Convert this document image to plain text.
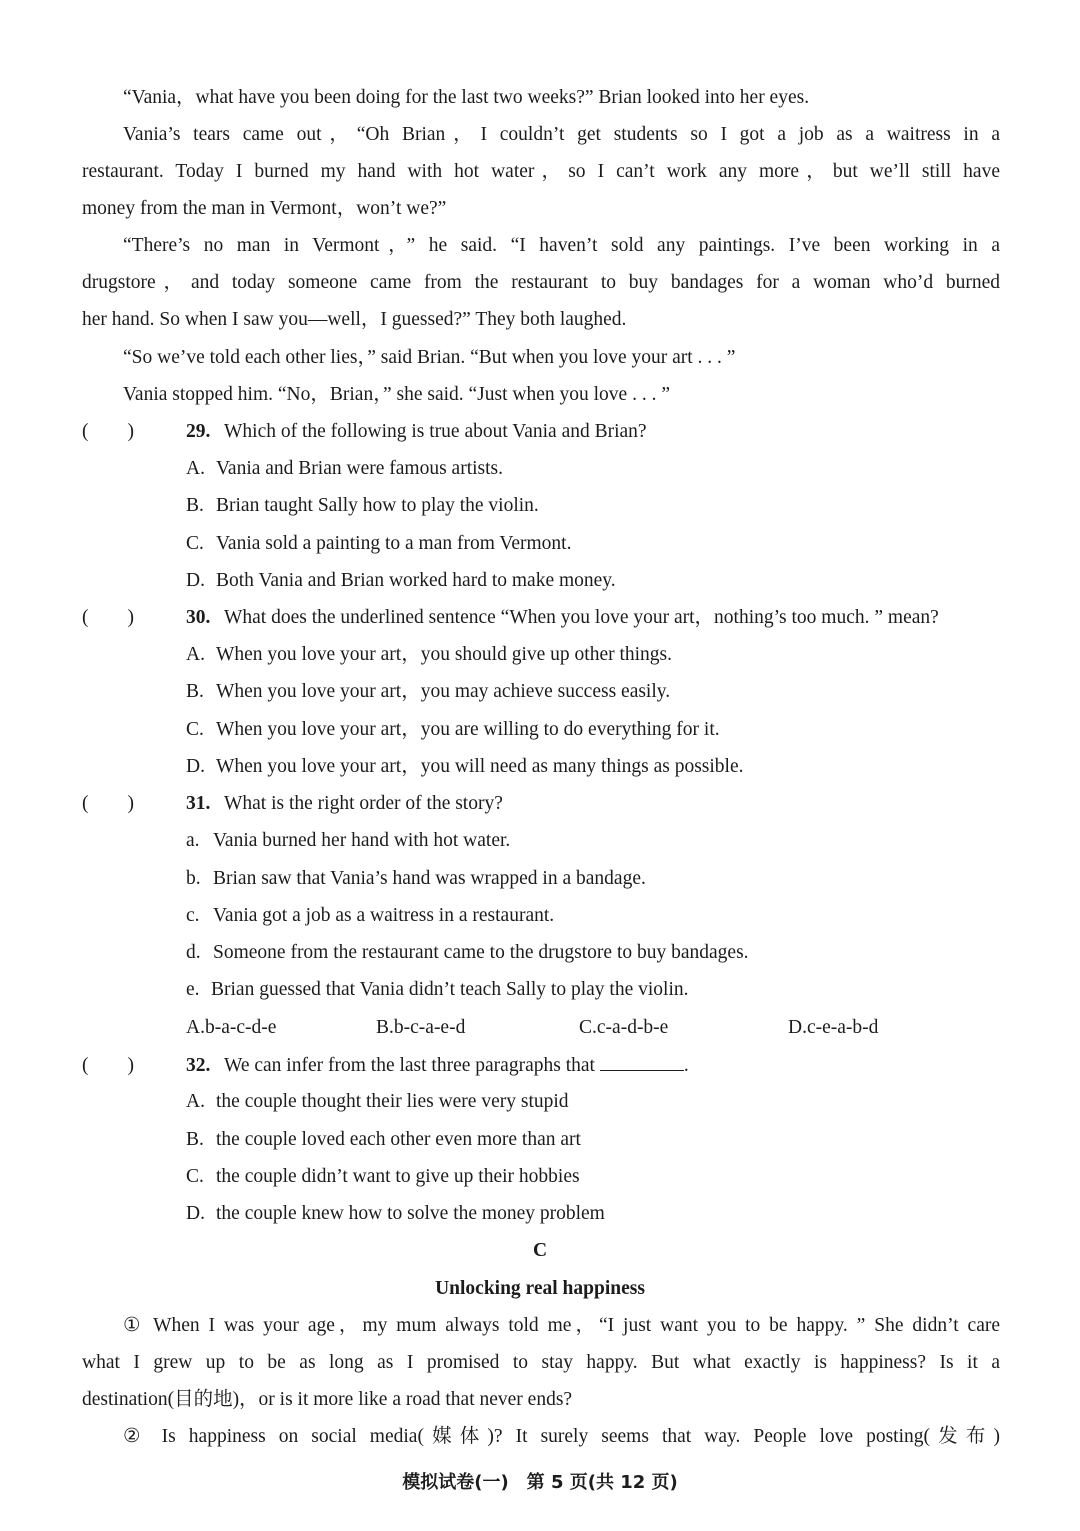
“Vania，what have you been doing for the last two weeks?” Brian looked into her eyes.
Vania’s tears came out，“Oh Brian，I couldn’t get students so I got a job as a waitress in a
restaurant. Today I burned my hand with hot water，so I can’t work any more，but we’ll still have
money from the man in Vermont，won’t we?”
“There’s no man in Vermont，” he said. “I haven’t sold any paintings. I’ve been working in a
drugstore，and today someone came from the restaurant to buy bandages for a woman who’d burned
her hand. So when I saw you—well，I guessed?” They both laughed.
“So we’ve told each other lies，” said Brian. “But when you love your art . . . ”
Vania stopped him. “No，Brian，” she said. “Just when you love . . . ”
(　　)	29. Which of the following is true about Vania and Brian?
A. Vania and Brian were famous artists.
B. Brian taught Sally how to play the violin.
C. Vania sold a painting to a man from Vermont.
D. Both Vania and Brian worked hard to make money.
(　　)	30. What does the underlined sentence “When you love your art，nothing’s too much. ” mean?
A. When you love your art，you should give up other things.
B. When you love your art，you may achieve success easily.
C. When you love your art，you are willing to do everything for it.
D. When you love your art，you will need as many things as possible.
(　　)	31. What is the right order of the story?
a. Vania burned her hand with hot water.
b. Brian saw that Vania’s hand was wrapped in a bandage.
c. Vania got a job as a waitress in a restaurant.
d. Someone from the restaurant came to the drugstore to buy bandages.
e. Brian guessed that Vania didn’t teach Sally to play the violin.
A.b-a-c-d-e	B.b-c-a-e-d	C.c-a-d-b-e	D.c-e-a-b-d
(　　)	32. We can infer from the last three paragraphs that	.
A. the couple thought their lies were very stupid
B. the couple loved each other even more than art
C. the couple didn’t want to give up their hobbies
D. the couple knew how to solve the money problem
C
Unlocking real happiness
① When I was your age，my mum always told me，“I just want you to be happy. ” She didn’t care
what I grew up to be as long as I promised to stay happy. But what exactly is happiness? Is it a
destination(目的地)，or is it more like a road that never ends?
② Is happiness on social media(媒体)? It surely seems that way. People love posting(发布)
模拟试卷(一)　第 5 页(共 12 页)
